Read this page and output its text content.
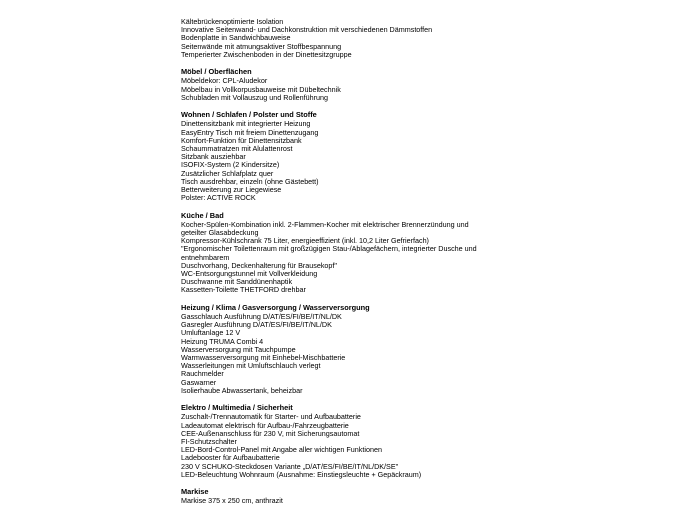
Kältebrückenoptimierte Isolation
Innovative Seitenwand- und Dachkonstruktion mit verschiedenen Dämmstoffen
Bodenplatte in Sandwichbauweise
Seitenwände mit atmungsaktiver Stoffbespannung
Temperierter Zwischenboden in der Dinettesitzgruppe
Möbel / Oberflächen
Möbeldekor: CPL-Aludekor
Möbelbau in Vollkorpusbauweise mit Dübeltechnik
Schubladen mit Vollauszug und Rollenführung
Wohnen / Schlafen / Polster und Stoffe
Dinettensitzbank mit integrierter Heizung
EasyEntry Tisch mit freiem Dinettenzugang
Komfort-Funktion für Dinettensitzbank
Schaummatratzen mit Alulattenrost
Sitzbank ausziehbar
ISOFIX-System (2 Kindersitze)
Zusätzlicher Schlafplatz quer
Tisch ausdrehbar, einzeln (ohne Gästebett)
Betterweiterung zur Liegewiese
Polster: ACTIVE ROCK
Küche / Bad
Kocher-Spülen-Kombination inkl. 2-Flammen-Kocher mit elektrischer Brennerzündung und geteilter Glasabdeckung
Kompressor-Kühlschrank 75 Liter, energieeffizient (inkl. 10,2 Liter Gefrierfach)
"Ergonomischer Toilettenraum mit großzügigen Stau-/Ablagefächern, integrierter Dusche und entnehmbarem
Duschvorhang, Deckenhalterung für Brausekopf"
WC-Entsorgungstunnel mit Vollverkleidung
Duschwanne mit Sanddünenhaptik
Kassetten-Toilette THETFORD drehbar
Heizung / Klima / Gasversorgung / Wasserversorgung
Gasschlauch Ausführung D/AT/ES/FI/BE/IT/NL/DK
Gasregler Ausführung D/AT/ES/FI/BE/IT/NL/DK
Umluftanlage 12 V
Heizung TRUMA Combi 4
Wasserversorgung mit Tauchpumpe
Warmwasserversorgung mit Einhebel-Mischbatterie
Wasserleitungen mit Umluftschlauch verlegt
Rauchmelder
Gaswarner
Isolierhaube Abwassertank, beheizbar
Elektro / Multimedia / Sicherheit
Zuschalt-/Trennautomatik für Starter- und Aufbaubatterie
Ladeautomat elektrisch für Aufbau-/Fahrzeugbatterie
CEE-Außenanschluss für 230 V, mit Sicherungsautomat
FI-Schutzschalter
LED-Bord-Control-Panel mit Angabe aller wichtigen Funktionen
Ladebooster für Aufbaubatterie
230 V SCHUKO-Steckdosen Variante „D/AT/ES/FI/BE/IT/NL/DK/SE"
LED-Beleuchtung Wohnraum (Ausnahme: Einstiegsleuchte + Gepäckraum)
Markise
Markise 375 x 250 cm, anthrazit
